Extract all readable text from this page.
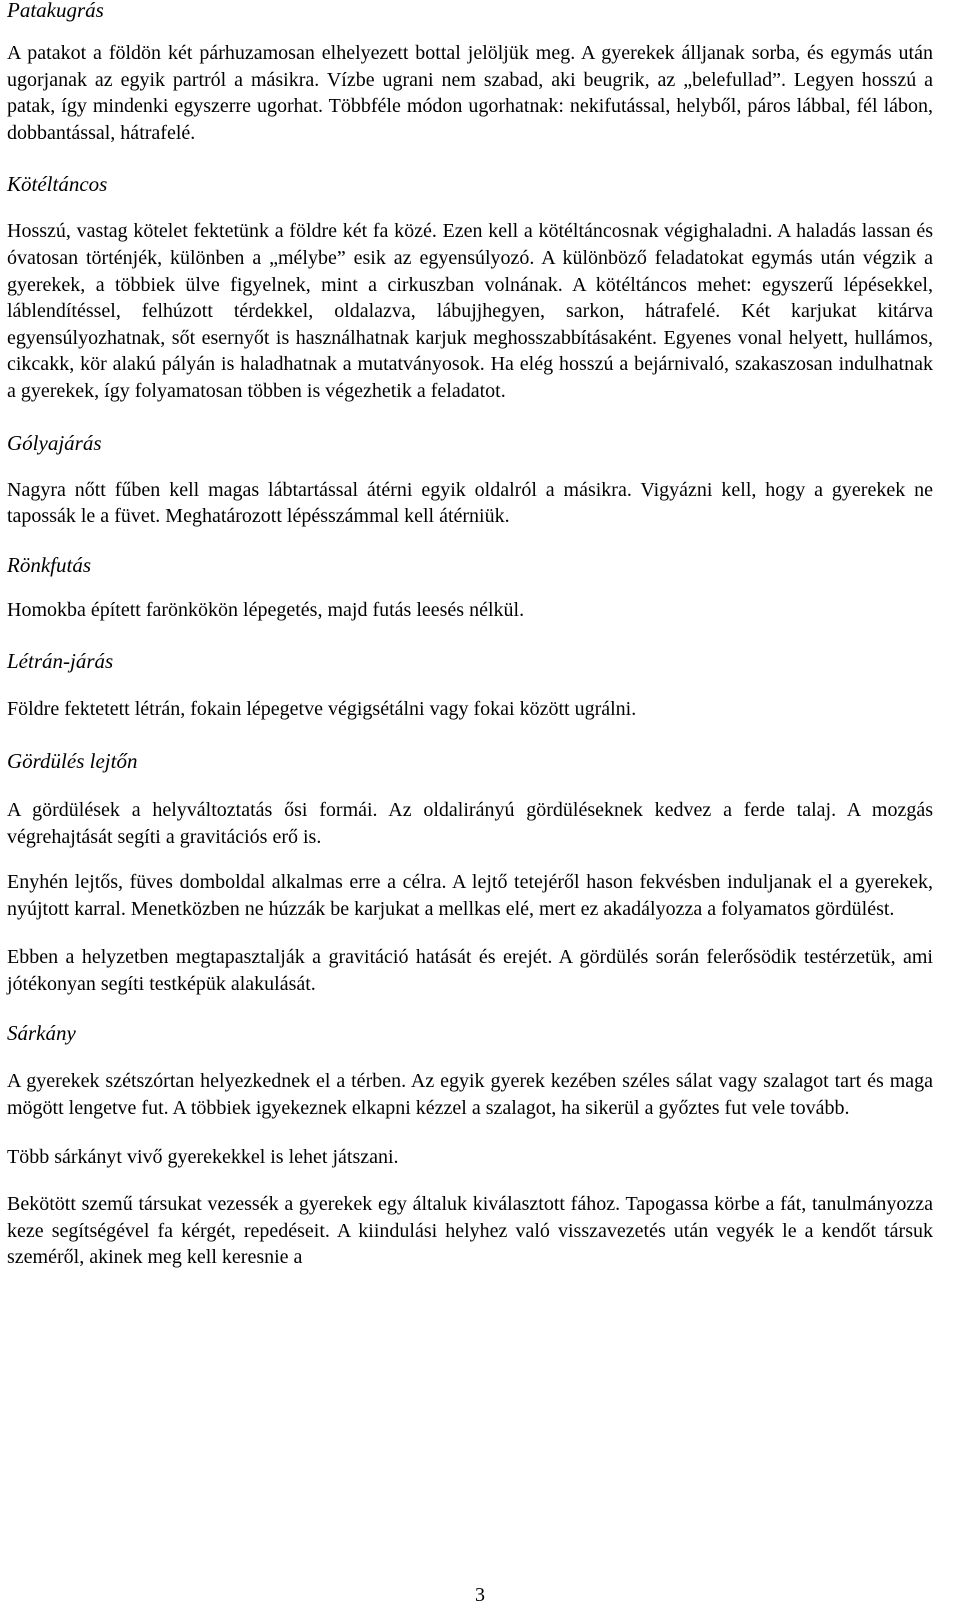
Patakugrás

A patakot a földön két párhuzamosan elhelyezett bottal jelöljük meg. A gyerekek álljanak sorba, és egymás után ugorjanak az egyik partról a másikra. Vízbe ugrani nem szabad, aki beugrik, az „belefullad”. Legyen hosszú a patak, így mindenki egyszerre ugorhat. Többféle módon ugorhatnak: nekifutással, helyből, páros lábbal, fél lábon, dobbantással, hátrafelé.

Kötéltáncos

Hosszú, vastag kötelet fektetünk a földre két fa közé. Ezen kell a kötéltáncosnak végighaladni. A haladás lassan és óvatosan történjék, különben a „mélybe” esik az egyensúlyozó. A különböző feladatokat egymás után végzik a gyerekek, a többiek ülve figyelnek, mint a cirkuszban volnának. A kötéltáncos mehet: egyszerű lépésekkel, láblendítéssel, felhúzott térdekkel, oldalazva, lábujjhegyen, sarkon, hátrafelé. Két karjukat kitárva egyensúlyozhatnak, sőt esernyőt is használhatnak karjuk meghosszabbításaként. Egyenes vonal helyett, hullámos, cikcakk, kör alakú pályán is haladhatnak a mutatványosok. Ha elég hosszú a bejárnivaló, szakaszosan indulhatnak a gyerekek, így folyamatosan többen is végezhetik a feladatot.

Gólyajárás

Nagyra nőtt fűben kell magas lábtartással átérni egyik oldalról a másikra. Vigyázni kell, hogy a gyerekek ne tapossák le a füvet. Meghatározott lépésszámmal kell átérniük.

Rönkfutás

Homokba épített farönkökön lépegetés, majd futás leesés nélkül.

Létrán-járás

Földre fektetett létrán, fokain lépegetve végigsétálni vagy fokai között ugrálni.

Gördülés lejtőn

A gördülések a helyváltoztatás ősi formái. Az oldalirányú gördüléseknek kedvez a ferde talaj. A mozgás végrehajtását segíti a gravitációs erő is.

Enyhén lejtős, füves domboldal alkalmas erre a célra. A lejtő tetejéről hason fekvésben induljanak el a gyerekek, nyújtott karral. Menetközben ne húzzák be karjukat a mellkas elé, mert ez akadályozza a folyamatos gördülést.

Ebben a helyzetben megtapasztalják a gravitáció hatását és erejét. A gördülés során felerősödik testérzetük, ami jótékonyan segíti testképük alakulását.

Sárkány

A gyerekek szétszórtan helyezkednek el a térben. Az egyik gyerek kezében széles sálat vagy szalagot tart és maga mögött lengetve fut. A többiek igyekeznek elkapni kézzel a szalagot, ha sikerül a győztes fut vele tovább.

Több sárkányt vivő gyerekekkel is lehet játszani.

Bekötött szemű társukat vezessék a gyerekek egy általuk kiválasztott fához. Tapogassa körbe a fát, tanulmányozza keze segítségével fa kérgét, repedéseit. A kiindulási helyhez való visszavezetés után vegyék le a kendőt társuk szeméről, akinek meg kell keresnie a

3
